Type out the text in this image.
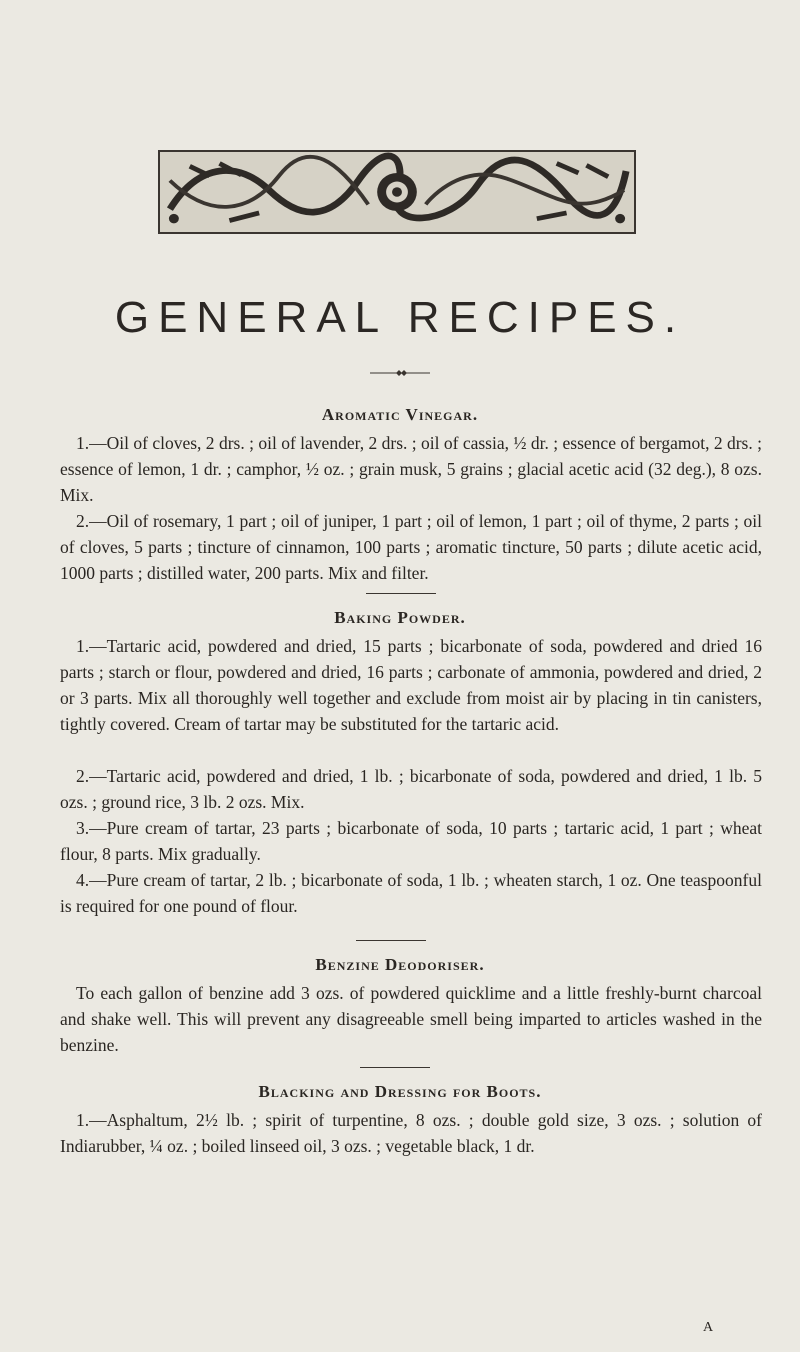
GENERAL RECIPES.
Aromatic Vinegar.

1.—Oil of cloves, 2 drs. ; oil of lavender, 2 drs. ; oil of cassia, ½ dr. ; essence of bergamot, 2 drs. ; essence of lemon, 1 dr. ; camphor, ½ oz. ; grain musk, 5 grains ; glacial acetic acid (32 deg.), 8 ozs. Mix.

2.—Oil of rosemary, 1 part ; oil of juniper, 1 part ; oil of lemon, 1 part ; oil of thyme, 2 parts ; oil of cloves, 5 parts ; tincture of cinnamon, 100 parts ; aromatic tincture, 50 parts ; dilute acetic acid, 1000 parts ; distilled water, 200 parts. Mix and filter.

Baking Powder.

1.—Tartaric acid, powdered and dried, 15 parts ; bicarbonate of soda, powdered and dried 16 parts ; starch or flour, powdered and dried, 16 parts ; carbonate of ammonia, powdered and dried, 2 or 3 parts. Mix all thoroughly well together and exclude from moist air by placing in tin canisters, tightly covered. Cream of tartar may be substituted for the tartaric acid.

2.—Tartaric acid, powdered and dried, 1 lb. ; bicarbonate of soda, powdered and dried, 1 lb. 5 ozs. ; ground rice, 3 lb. 2 ozs. Mix.

3.—Pure cream of tartar, 23 parts ; bicarbonate of soda, 10 parts ; tartaric acid, 1 part ; wheat flour, 8 parts. Mix gradually.

4.—Pure cream of tartar, 2 lb. ; bicarbonate of soda, 1 lb. ; wheaten starch, 1 oz. One teaspoonful is required for one pound of flour.

Benzine Deodoriser.

To each gallon of benzine add 3 ozs. of powdered quicklime and a little freshly-burnt charcoal and shake well. This will prevent any disagreeable smell being imparted to articles washed in the benzine.

Blacking and Dressing for Boots.

1.—Asphaltum, 2½ lb. ; spirit of turpentine, 8 ozs. ; double gold size, 3 ozs. ; solution of Indiarubber, ¼ oz. ; boiled linseed oil, 3 ozs. ; vegetable black, 1 dr.

A
